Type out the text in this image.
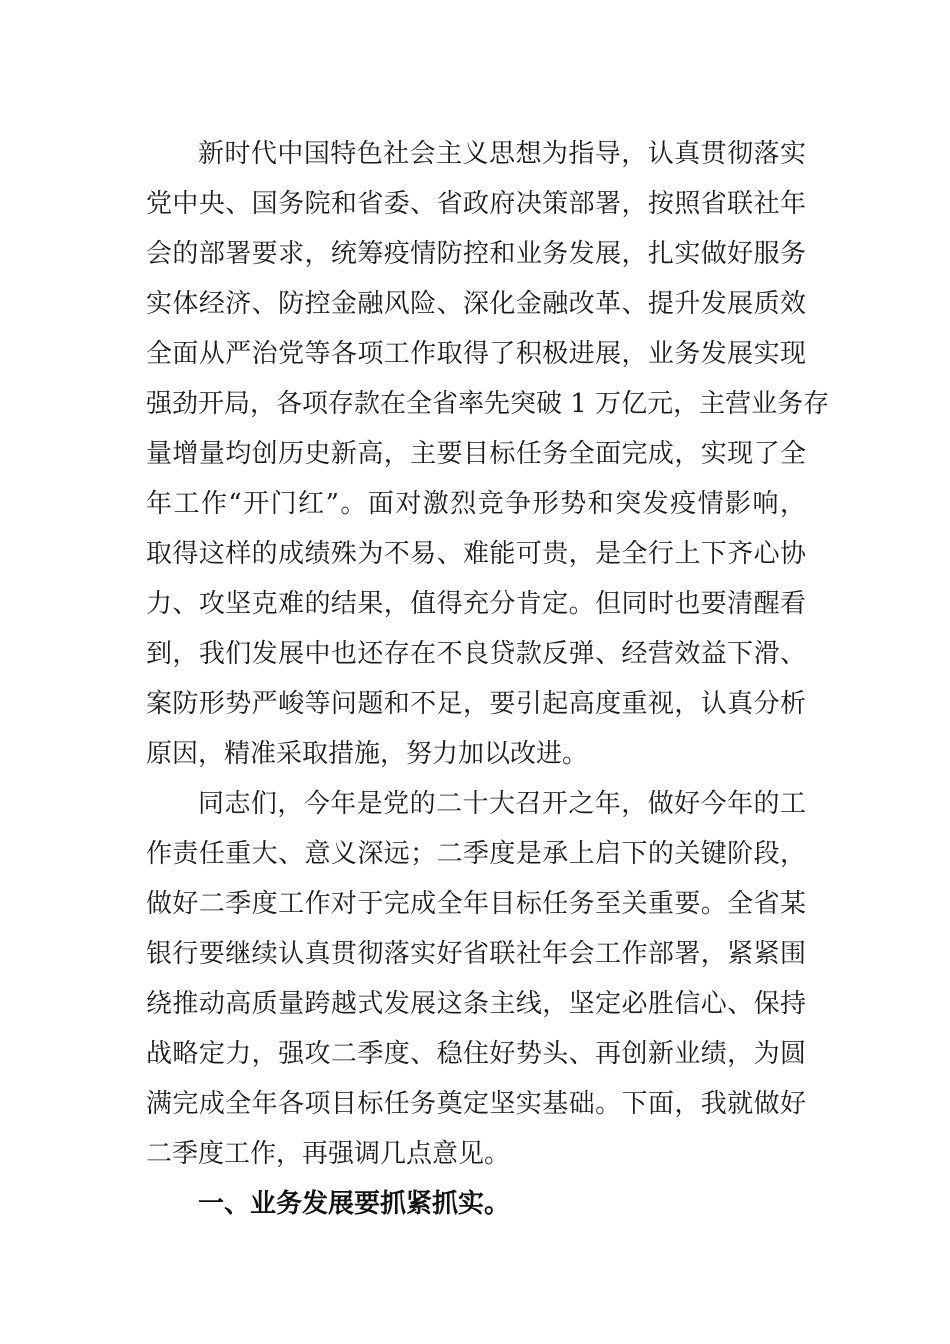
新时代中国特色社会主义思想为指导，认真贯彻落实
党中央、国务院和省委、省政府决策部署，按照省联社年
会的部署要求，统筹疫情防控和业务发展，扎实做好服务
实体经济、防控金融风险、深化金融改革、提升发展质效
全面从严治党等各项工作取得了积极进展，业务发展实现
强劲开局，各项存款在全省率先突破 1 万亿元，主营业务存
量增量均创历史新高，主要目标任务全面完成，实现了全
年工作“开门红”。面对激烈竞争形势和突发疫情影响，
取得这样的成绩殊为不易、难能可贵，是全行上下齐心协
力、攻坚克难的结果，值得充分肯定。但同时也要清醒看
到，我们发展中也还存在不良贷款反弹、经营效益下滑、
案防形势严峻等问题和不足，要引起高度重视，认真分析
原因，精准采取措施，努力加以改进。
同志们，今年是党的二十大召开之年，做好今年的工
作责任重大、意义深远；二季度是承上启下的关键阶段，
做好二季度工作对于完成全年目标任务至关重要。全省某
银行要继续认真贯彻落实好省联社年会工作部署，紧紧围
绕推动高质量跨越式发展这条主线，坚定必胜信心、保持
战略定力，强攻二季度、稳住好势头、再创新业绩，为圆
满完成全年各项目标任务奠定坚实基础。下面，我就做好
二季度工作，再强调几点意见。
一、业务发展要抓紧抓实。
